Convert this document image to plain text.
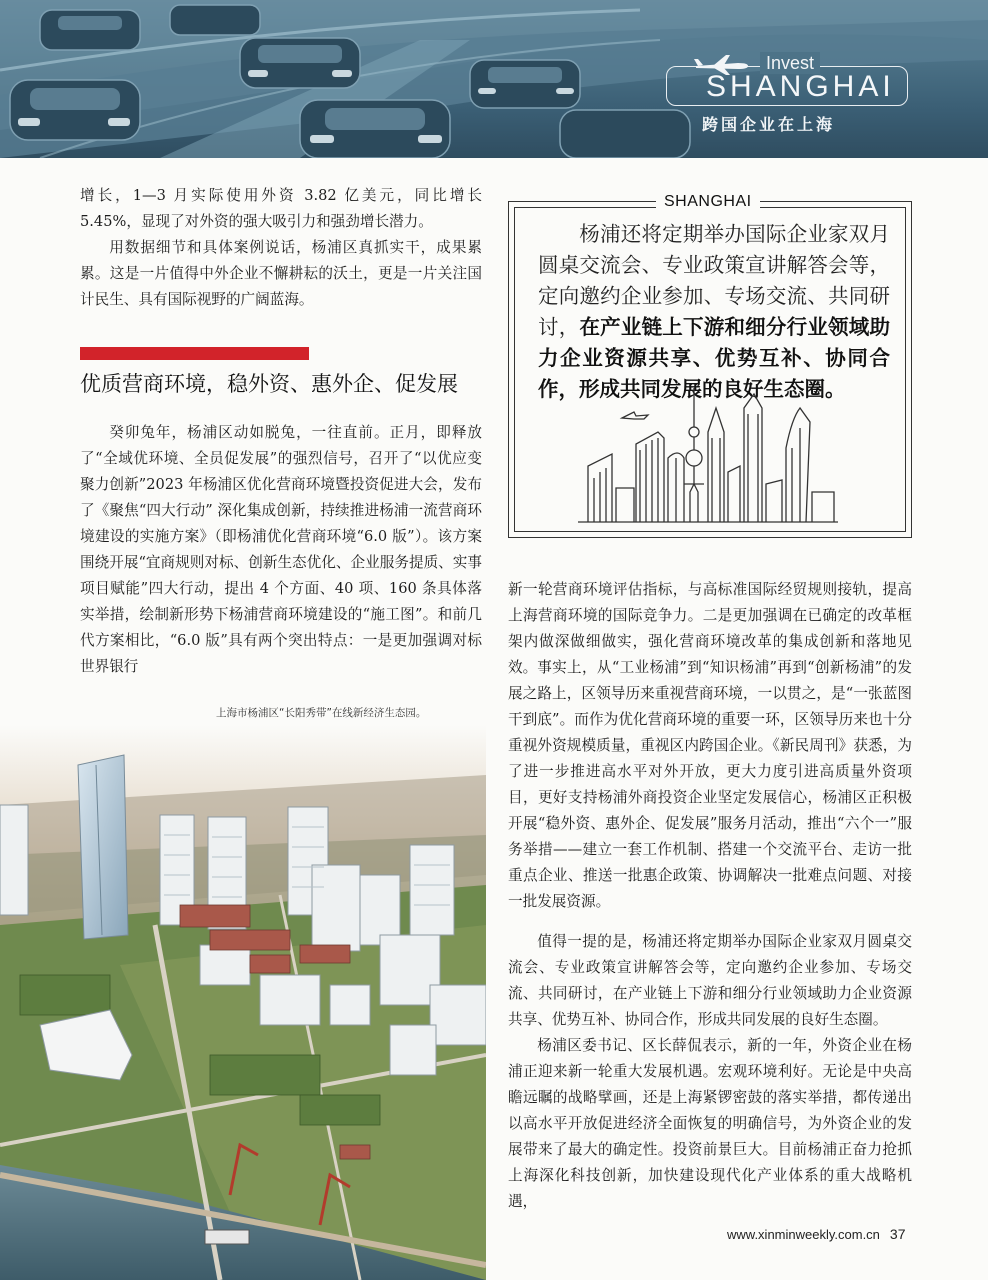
Invest
SHANGHAI
跨国企业在上海

增长，1—3 月实际使用外资 3.82 亿美元，同比增长 5.45%，显现了对外资的强大吸引力和强劲增长潜力。

用数据细节和具体案例说话，杨浦区真抓实干，成果累累。这是一片值得中外企业不懈耕耘的沃土，更是一片关注国计民生、具有国际视野的广阔蓝海。

优质营商环境，稳外资、惠外企、促发展

癸卯兔年，杨浦区动如脱兔，一往直前。正月，即释放了“全域优环境、全员促发展”的强烈信号，召开了“以优应变 聚力创新”2023 年杨浦区优化营商环境暨投资促进大会，发布了《聚焦“四大行动” 深化集成创新，持续推进杨浦一流营商环境建设的实施方案》（即杨浦优化营商环境“6.0 版”）。该方案围绕开展“宜商规则对标、创新生态优化、企业服务提质、实事项目赋能”四大行动，提出 4 个方面、40 项、160 条具体落实举措，绘制新形势下杨浦营商环境建设的“施工图”。和前几代方案相比，“6.0 版”具有两个突出特点：一是更加强调对标世界银行

SHANGHAI

杨浦还将定期举办国际企业家双月圆桌交流会、专业政策宣讲解答会等，定向邀约企业参加、专场交流、共同研讨，在产业链上下游和细分行业领域助力企业资源共享、优势互补、协同合作，形成共同发展的良好生态圈。

上海市杨浦区“长阳秀带”在线新经济生态园。

新一轮营商环境评估指标，与高标准国际经贸规则接轨，提高上海营商环境的国际竞争力。二是更加强调在已确定的改革框架内做深做细做实，强化营商环境改革的集成创新和落地见效。 事实上，从“工业杨浦”到“知识杨浦”再到“创新杨浦”的发展之路上，区领导历来重视营商环境，一以贯之，是“一张蓝图干到底”。而作为优化营商环境的重要一环，区领导历来也十分重视外资规模质量，重视区内跨国企业。《新民周刊》获悉，为了进一步推进高水平对外开放，更大力度引进高质量外资项目，更好支持杨浦外商投资企业坚定发展信心，杨浦区正积极开展“稳外资、惠外企、促发展”服务月活动，推出“六个一”服务举措——建立一套工作机制、搭建一个交流平台、走访一批重点企业、推送一批惠企政策、协调解决一批难点问题、对接一批发展资源。

值得一提的是，杨浦还将定期举办国际企业家双月圆桌交流会、专业政策宣讲解答会等，定向邀约企业参加、专场交流、共同研讨，在产业链上下游和细分行业领域助力企业资源共享、优势互补、协同合作，形成共同发展的良好生态圈。

杨浦区委书记、区长薛侃表示，新的一年，外资企业在杨浦正迎来新一轮重大发展机遇。宏观环境利好。无论是中央高瞻远瞩的战略擘画，还是上海紧锣密鼓的落实举措，都传递出以高水平开放促进经济全面恢复的明确信号，为外资企业的发展带来了最大的确定性。投资前景巨大。目前杨浦正奋力抢抓上海深化科技创新，加快建设现代化产业体系的重大战略机遇，

www.xinminweekly.com.cn 37
